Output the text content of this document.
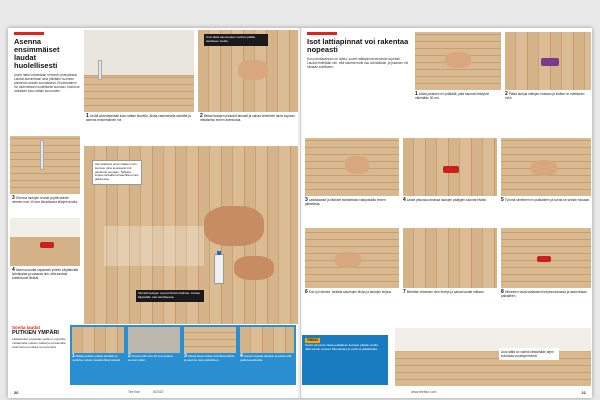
Asenna ensimmäiset laudat huolellisesti

Usein lattia vaihdetaan remontin yhteydessä. Laudat asennetaan aina pitkittäin huoneen pisimmän seinän suuntaisesti. Ensimmäinen rivi asennetaan huolellisesti suoraan, koska se ratkaisee koko lattian suoruuden.

1Levitä alusmateriaali koko lattian alueelle. Aloita vasemmalta seinältä ja asenna ensimmäinen rivi.
Uusi lattia asennetaan vanhan päälle tasoitteen avulla.
2Mittaa lautojen pituudet tarkasti ja sahaa viimeinen lauta sopivan mittaiseksi ennen asennusta.
3Ohenna lautojen reunat ja jätä seinän viereen noin 10 mm liikuntavara kiilojen avulla.
Ole tarkkana ensimmäisen rivin kanssa, jotta seuraavat rivit asettuvat suoraan. Tarkista linjaus lankalla tai laserilla ennen jatkamista.
Kiinnitä lautojen reunat tiiviisti toisiinsa. Liimaa käytetään vain tarvittaessa.
4Asenna laudat napakasti yhteen käyttämällä lyöntipalaa ja vasaraa niin, että saumat sulkeutuvat tiiviiksi.
20	Tee Itse	8/2020
Isot lattiapinnat voi rakentaa nopeasti

Kun perusasennus on opittu, suuret lattiapinnat etenevät nopeasti. Laudat limitetään niin, että saumat eivät osu kohdakkain, ja jokainen rivi lukitaan edelliseen.

1Aloita jokainen rivi pätkällä, jotta saumat limittyvät vähintään 30 cm.
2Pätkä lautoja mittojen mukaan ja lukitse ne edelliseen riviin.
3Lattiakaadot ja liitokset tarkistetaan vatupassilla ennen jatkamista.
4Laske pituussuunnassa lautojen päätyjen saumat tiiviisti.	5Työnnä viimeinen rivi paikalleen ja sovita se seinän mukaan.
6Kun työ etenee, tarkista saumojen tiiviys ja lautojen linjaus.	7Merkitse viimeisen rivin leveys ja sahaa laudat mittaan.	8Viimeinen lauta sahataan leveyssuunnassa ja asennetaan paikalleen.
Uusi lattia on valmis kestämään arjen kulutusta vuosikymmeniä.
www.teeitse.com	21
Sovita laudat
PUTKIEN YMPÄRI
Lattialaudat sovitetaan putkien ympärille mittaamalla putkien paikat ja poraamalla reiät hieman putkea suuremmiksi.
1 Mittaa putkien paikat laudalle ja merkitse reikien keskikohdat tarkasti.
2 Poraa reiät noin 10 mm putkea suuremmiksi.
3 Sahaa lauta reikien kohdalta kahtia ja asenna osat paikoilleen.
4 Liimaa irtopala takaisin ja peitä reiät putkiruusukkeilla.
VINKKI
Nosta viimeinen lauta paikalleen kuluvan pätkän avulla. Jätä seinän viereen liikuntavara ja peitä se jalkalistalla.
